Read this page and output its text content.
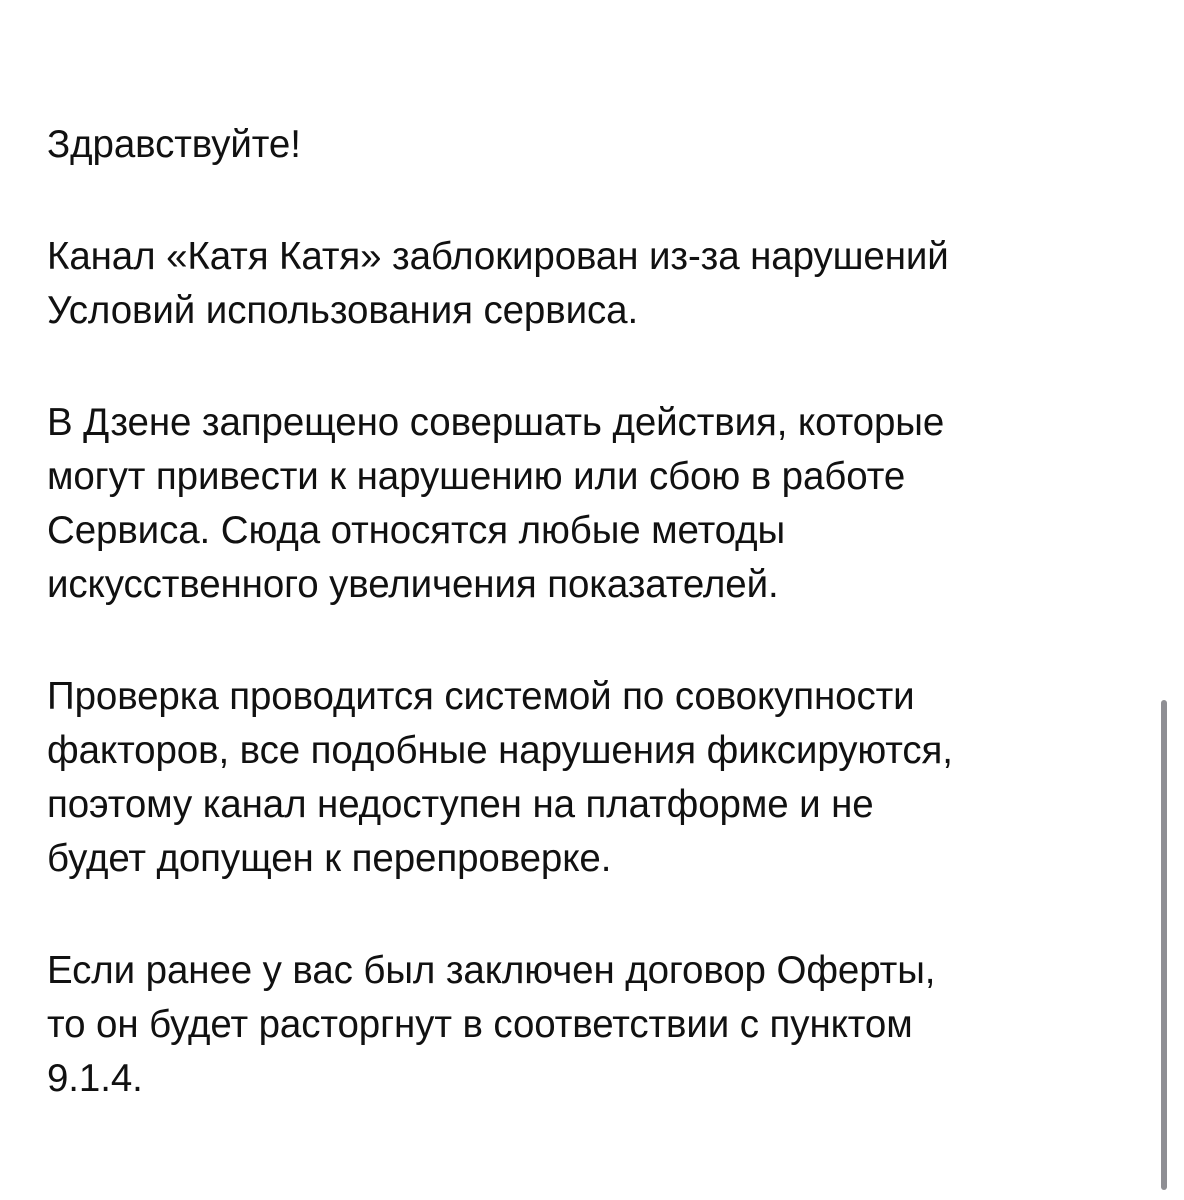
Здравствуйте!

Канал «Катя Катя» заблокирован из-за нарушений
Условий использования сервиса.

В Дзене запрещено совершать действия, которые
могут привести к нарушению или сбою в работе
Сервиса. Сюда относятся любые методы
искусственного увеличения показателей.

Проверка проводится системой по совокупности
факторов, все подобные нарушения фиксируются,
поэтому канал недоступен на платформе и не
будет допущен к перепроверке.

Если ранее у вас был заключен договор Оферты,
то он будет расторгнут в соответствии с пунктом
9.1.4.
